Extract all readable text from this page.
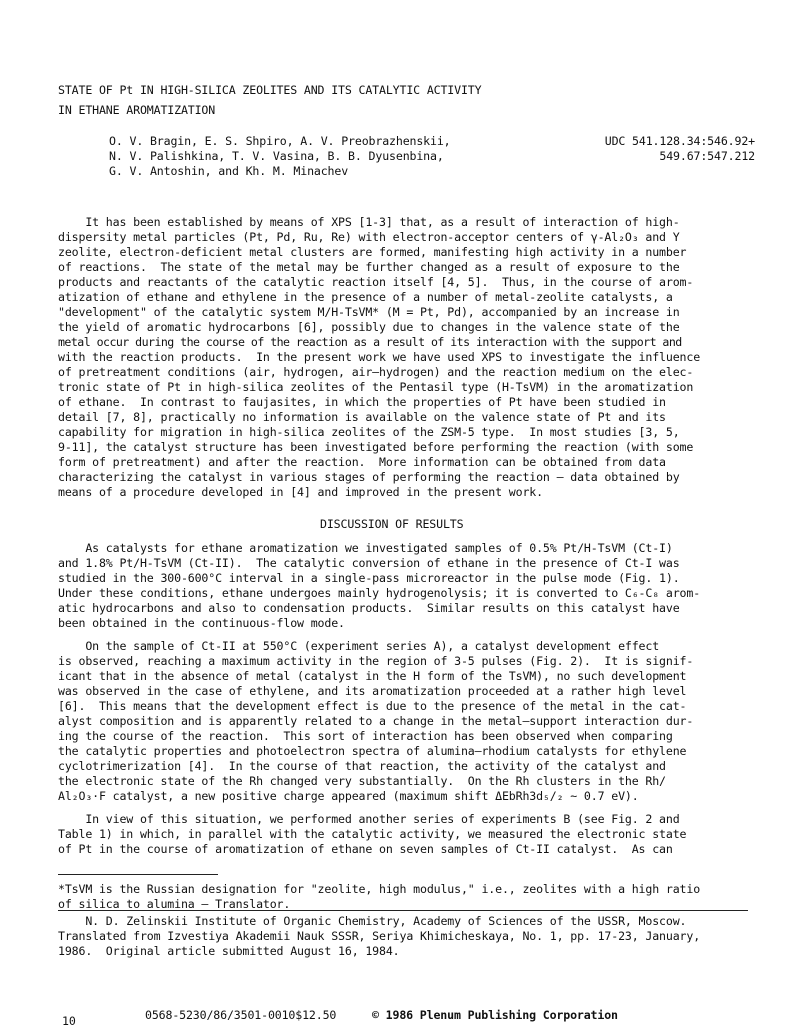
STATE OF Pt IN HIGH-SILICA ZEOLITES AND ITS CATALYTIC ACTIVITY
IN ETHANE AROMATIZATION
O. V. Bragin, E. S. Shpiro, A. V. Preobrazhenskii,
N. V. Palishkina, T. V. Vasina, B. B. Dyusenbina,
G. V. Antoshin, and Kh. M. Minachev
UDC 541.128.34:546.92+
549.67:547.212
It has been established by means of XPS [1-3] that, as a result of interaction of high-
dispersity metal particles (Pt, Pd, Ru, Re) with electron-acceptor centers of γ-Al₂O₃ and Y
zeolite, electron-deficient metal clusters are formed, manifesting high activity in a number
of reactions.  The state of the metal may be further changed as a result of exposure to the
products and reactants of the catalytic reaction itself [4, 5].  Thus, in the course of arom-
atization of ethane and ethylene in the presence of a number of metal-zeolite catalysts, a
"development" of the catalytic system M/H-TsVM* (M = Pt, Pd), accompanied by an increase in
the yield of aromatic hydrocarbons [6], possibly due to changes in the valence state of the
metal occur during the course of the reaction as a result of its interaction with the support and
with the reaction products.  In the present work we have used XPS to investigate the influence
of pretreatment conditions (air, hydrogen, air—hydrogen) and the reaction medium on the elec-
tronic state of Pt in high-silica zeolites of the Pentasil type (H-TsVM) in the aromatization
of ethane.  In contrast to faujasites, in which the properties of Pt have been studied in
detail [7, 8], practically no information is available on the valence state of Pt and its
capability for migration in high-silica zeolites of the ZSM-5 type.  In most studies [3, 5,
9-11], the catalyst structure has been investigated before performing the reaction (with some
form of pretreatment) and after the reaction.  More information can be obtained from data
characterizing the catalyst in various stages of performing the reaction — data obtained by
means of a procedure developed in [4] and improved in the present work.
DISCUSSION OF RESULTS
As catalysts for ethane aromatization we investigated samples of 0.5% Pt/H-TsVM (Ct-I)
and 1.8% Pt/H-TsVM (Ct-II).  The catalytic conversion of ethane in the presence of Ct-I was
studied in the 300-600°C interval in a single-pass microreactor in the pulse mode (Fig. 1).
Under these conditions, ethane undergoes mainly hydrogenolysis; it is converted to C₆-C₈ arom-
atic hydrocarbons and also to condensation products.  Similar results on this catalyst have
been obtained in the continuous-flow mode.
On the sample of Ct-II at 550°C (experiment series A), a catalyst development effect
is observed, reaching a maximum activity in the region of 3-5 pulses (Fig. 2).  It is signif-
icant that in the absence of metal (catalyst in the H form of the TsVM), no such development
was observed in the case of ethylene, and its aromatization proceeded at a rather high level
[6].  This means that the development effect is due to the presence of the metal in the cat-
alyst composition and is apparently related to a change in the metal—support interaction dur-
ing the course of the reaction.  This sort of interaction has been observed when comparing
the catalytic properties and photoelectron spectra of alumina—rhodium catalysts for ethylene
cyclotrimerization [4].  In the course of that reaction, the activity of the catalyst and
the electronic state of the Rh changed very substantially.  On the Rh clusters in the Rh/
Al₂O₃·F catalyst, a new positive charge appeared (maximum shift ΔEbRh3d₅/₂ ~ 0.7 eV).
In view of this situation, we performed another series of experiments B (see Fig. 2 and
Table 1) in which, in parallel with the catalytic activity, we measured the electronic state
of Pt in the course of aromatization of ethane on seven samples of Ct-II catalyst.  As can
*TsVM is the Russian designation for "zeolite, high modulus," i.e., zeolites with a high ratio
of silica to alumina — Translator.
N. D. Zelinskii Institute of Organic Chemistry, Academy of Sciences of the USSR, Moscow.
Translated from Izvestiya Akademii Nauk SSSR, Seriya Khimicheskaya, No. 1, pp. 17-23, January,
1986.  Original article submitted August 16, 1984.
10	0568-5230/86/3501-0010$12.50	© 1986 Plenum Publishing Corporation
